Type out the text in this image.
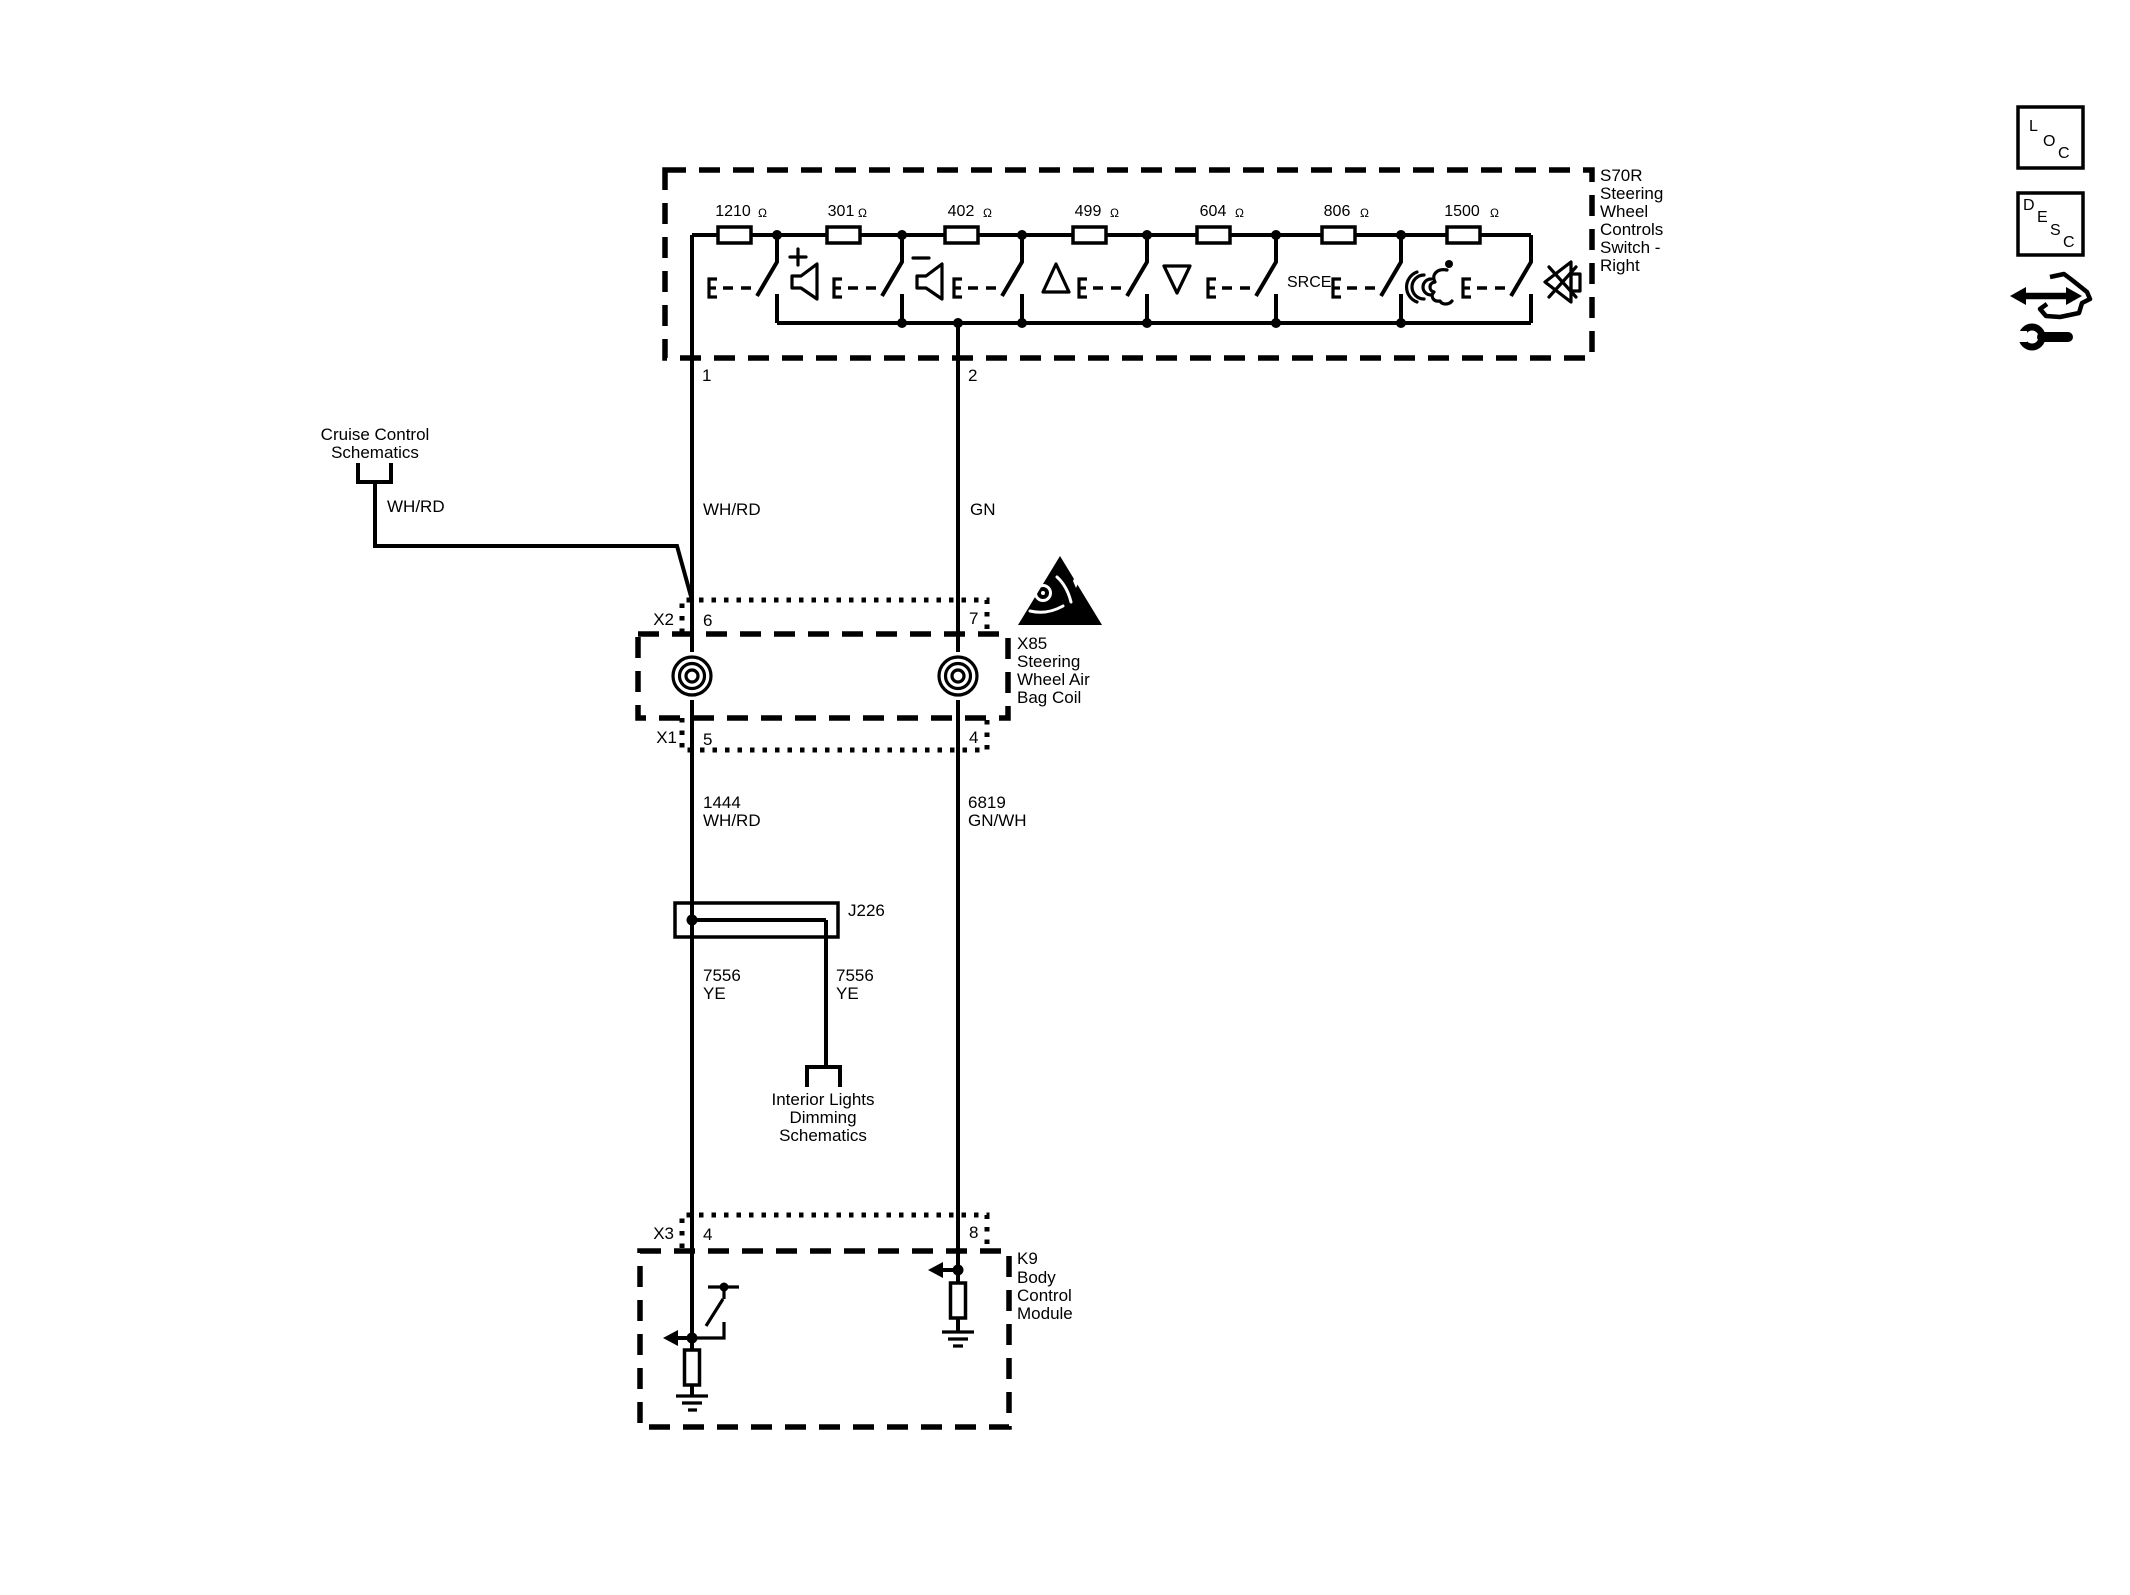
1210 Ω	301 Ω	402 Ω	499 Ω	604 Ω	806 Ω	1500 Ω
SRCE
1	2
S70R
Steering
Wheel
Controls
Switch -
Right
WH/RD	GN
Cruise Control
Schematics
WH/RD
X2 6	7
X1 5	4
X85
Steering
Wheel Air
Bag Coil
1444
WH/RD
6819
GN/WH
J226
7556
YE
7556
YE
Interior Lights
Dimming
Schematics
X3 4	8
K9
Body
Control
Module
L
O
C
D
E
S
C
